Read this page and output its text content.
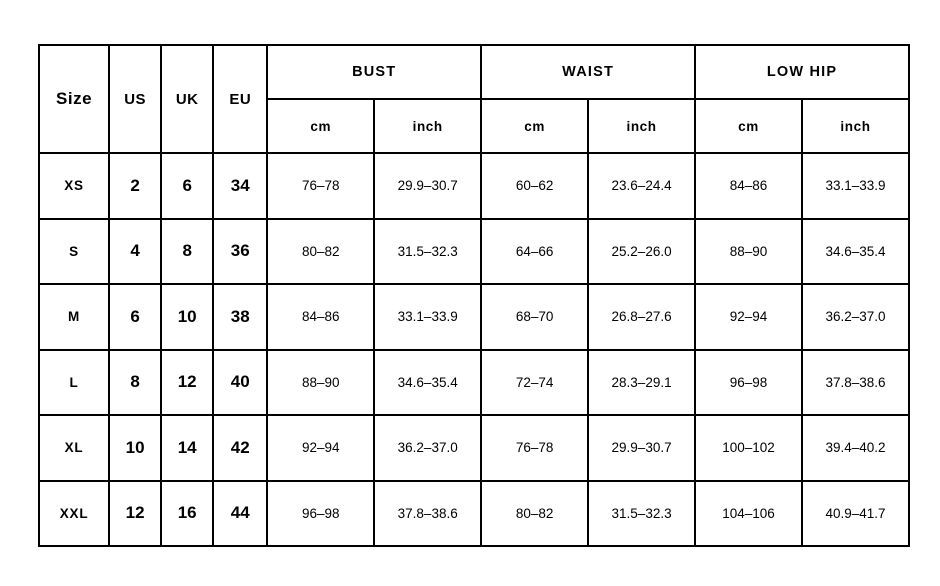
Size	US	UK	EU	BUST		WAIST		LOW HIP	
				cm	inch	cm	inch	cm	inch
XS	2	6	34	76–78	29.9–30.7	60–62	23.6–24.4	84–86	33.1–33.9
S	4	8	36	80–82	31.5–32.3	64–66	25.2–26.0	88–90	34.6–35.4
M	6	10	38	84–86	33.1–33.9	68–70	26.8–27.6	92–94	36.2–37.0
L	8	12	40	88–90	34.6–35.4	72–74	28.3–29.1	96–98	37.8–38.6
XL	10	14	42	92–94	36.2–37.0	76–78	29.9–30.7	100–102	39.4–40.2
XXL	12	16	44	96–98	37.8–38.6	80–82	31.5–32.3	104–106	40.9–41.7
